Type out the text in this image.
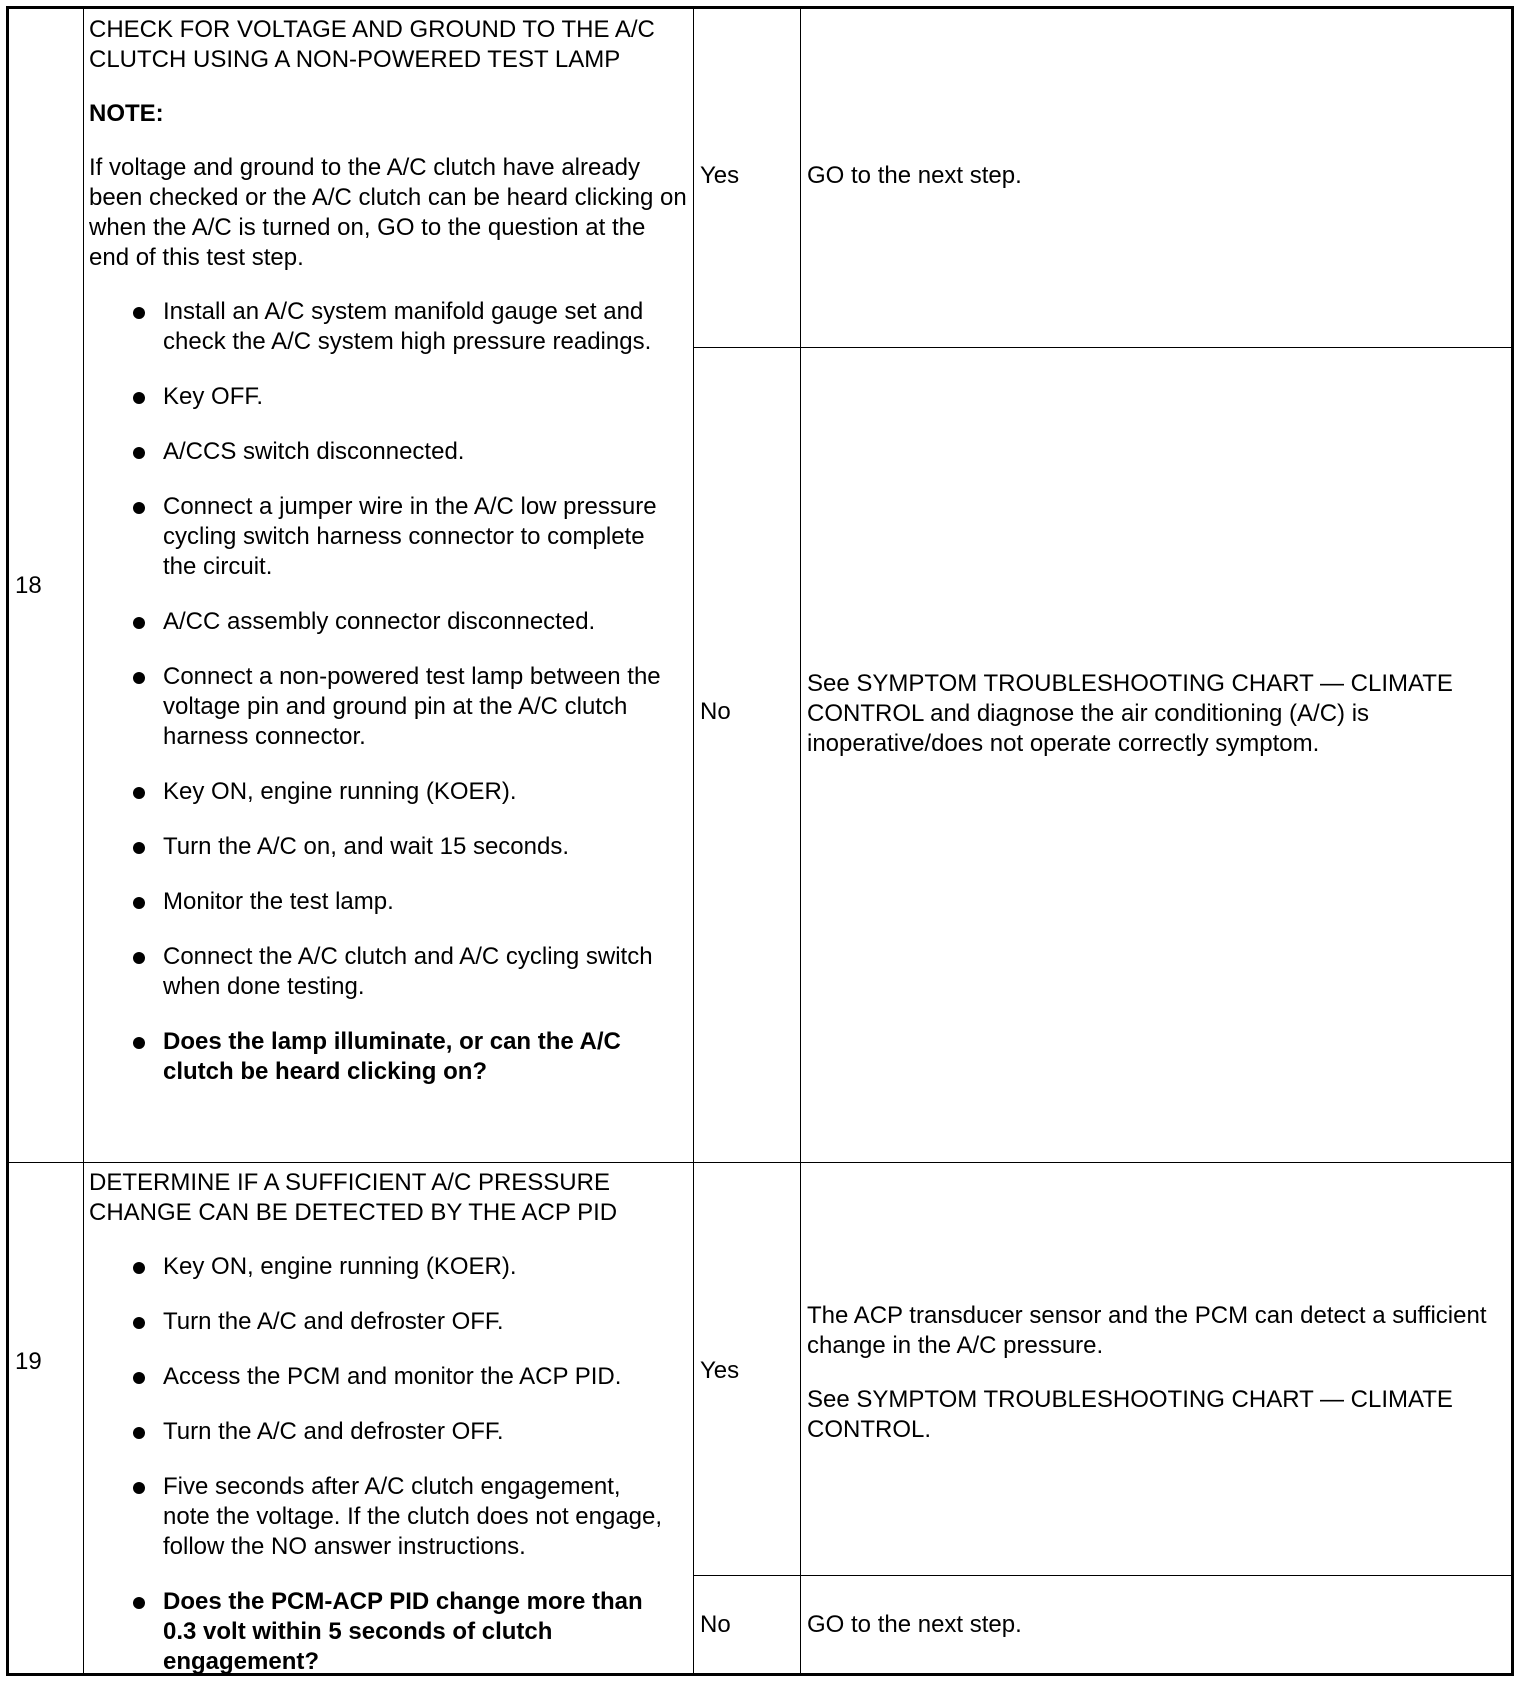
18

CHECK FOR VOLTAGE AND GROUND TO THE A/C CLUTCH USING A NON-POWERED TEST LAMP

NOTE:

If voltage and ground to the A/C clutch have already been checked or the A/C clutch can be heard clicking on when the A/C is turned on, GO to the question at the end of this test step.

Install an A/C system manifold gauge set and check the A/C system high pressure readings.
Key OFF.
A/CCS switch disconnected.
Connect a jumper wire in the A/C low pressure cycling switch harness connector to complete the circuit.
A/CC assembly connector disconnected.
Connect a non-powered test lamp between the voltage pin and ground pin at the A/C clutch harness connector.
Key ON, engine running (KOER).
Turn the A/C on, and wait 15 seconds.
Monitor the test lamp.
Connect the A/C clutch and A/C cycling switch when done testing.
Does the lamp illuminate, or can the A/C clutch be heard clicking on?
Yes	GO to the next step.

No

See SYMPTOM TROUBLESHOOTING CHART — CLIMATE CONTROL and diagnose the air conditioning (A/C) is inoperative/does not operate correctly symptom.

19

DETERMINE IF A SUFFICIENT A/C PRESSURE CHANGE CAN BE DETECTED BY THE ACP PID

Key ON, engine running (KOER).
Turn the A/C and defroster OFF.
Access the PCM and monitor the ACP PID.
Turn the A/C and defroster OFF.
Five seconds after A/C clutch engagement, note the voltage. If the clutch does not engage, follow the NO answer instructions.
Does the PCM-ACP PID change more than 0.3 volt within 5 seconds of clutch engagement?
Yes

The ACP transducer sensor and the PCM can detect a sufficient change in the A/C pressure.

See SYMPTOM TROUBLESHOOTING CHART — CLIMATE CONTROL.

No	GO to the next step.
